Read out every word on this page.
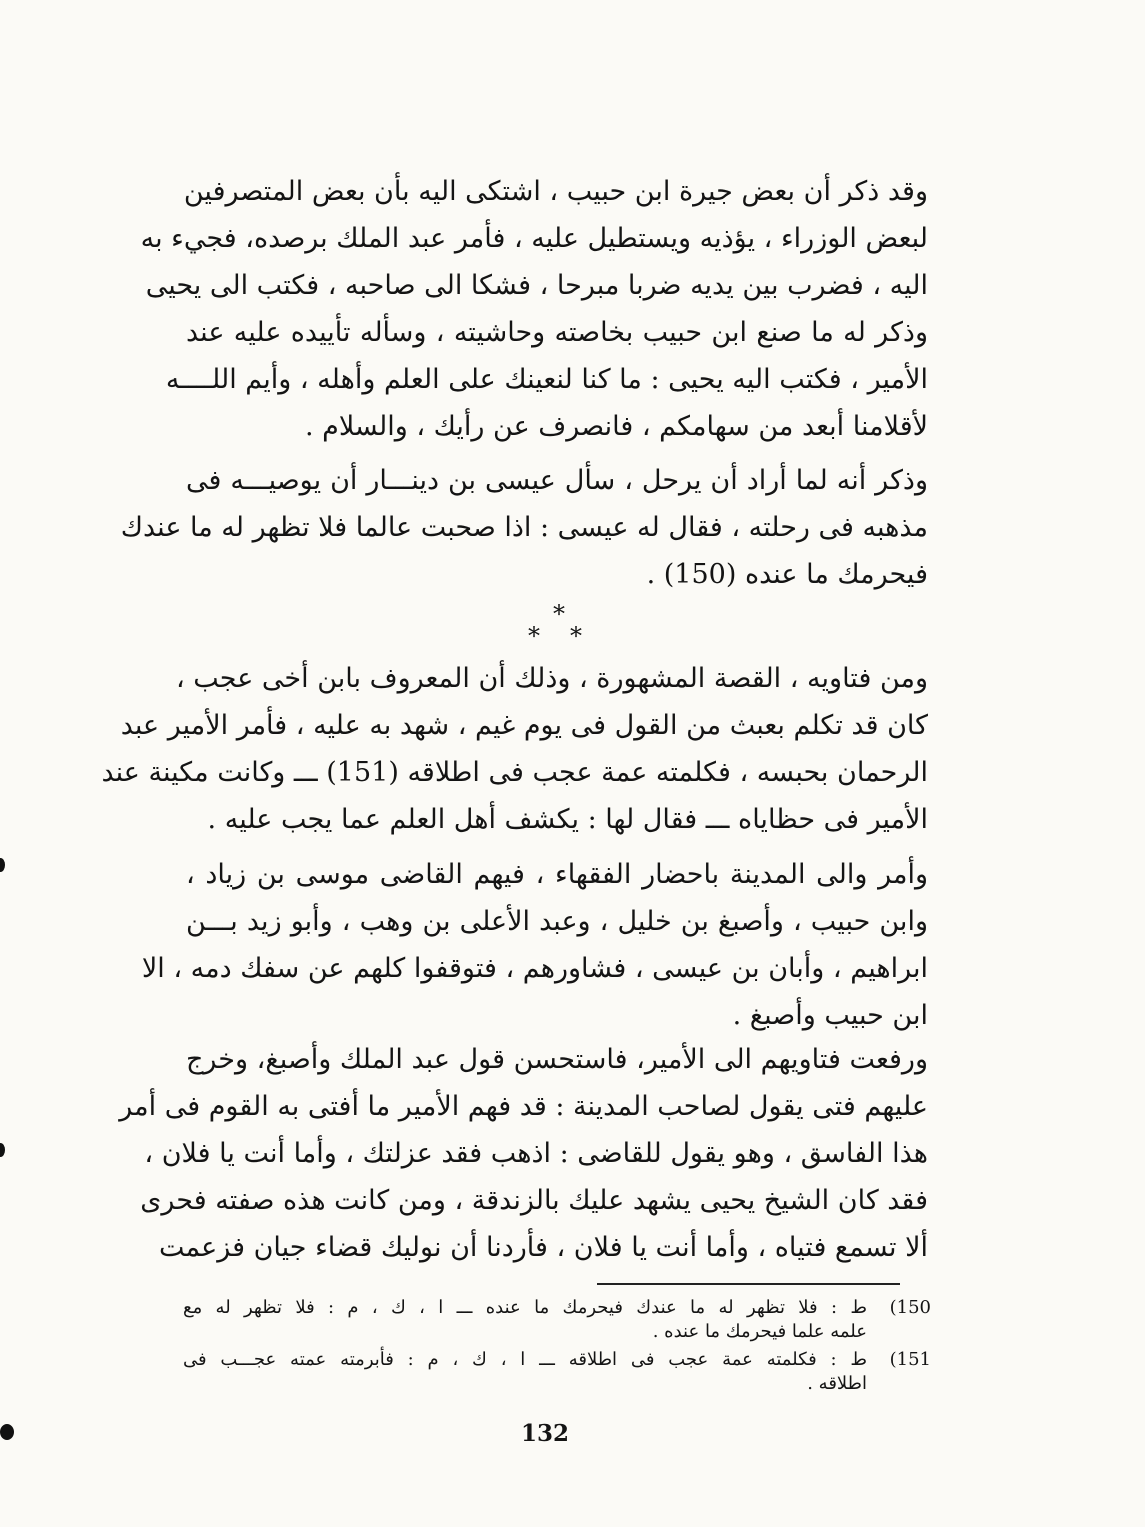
وقد ذكر أن بعض جيرة ابن حبيب ، اشتكى اليه بأن بعض المتصرفين
لبعض الوزراء ، يؤذيه ويستطيل عليه ، فأمر عبد الملك برصده، فجيء به
اليه ، فضرب بين يديه ضربا مبرحا ، فشكا الى صاحبه ، فكتب الى يحيى
وذكر له ما صنع ابن حبيب بخاصته وحاشيته ، وسأله تأييده عليه عند
الأمير ، فكتب اليه يحيى : ما كنا لنعينك على العلم وأهله ، وأيم اللــــه
لأقلامنا أبعد من سهامكم ، فانصرف عن رأيك ، والسلام .
وذكر أنه لما أراد أن يرحل ، سأل عيسى بن دينـــار أن يوصيـــه فى
مذهبه فى رحلته ، فقال له عيسى : اذا صحبت عالما فلا تظهر له ما عندك
فيحرمك ما عنده (150) .
*
* *
ومن فتاويه ، القصة المشهورة ، وذلك أن المعروف بابن أخى عجب ،
كان قد تكلم بعبث من القول فى يوم غيم ، شهد به عليه ، فأمر الأمير عبد
الرحمان بحبسه ، فكلمته عمة عجب فى اطلاقه (151) ـــ وكانت مكينة عند
الأمير فى حظاياه ـــ فقال لها : يكشف أهل العلم عما يجب عليه .
وأمر والى المدينة باحضار الفقهاء ، فيهم القاضى موسى بن زياد ،
وابن حبيب ، وأصبغ بن خليل ، وعبد الأعلى بن وهب ، وأبو زيد بـــن
ابراهيم ، وأبان بن عيسى ، فشاورهم ، فتوقفوا كلهم عن سفك دمه ، الا
ابن حبيب وأصبغ .
ورفعت فتاويهم الى الأمير، فاستحسن قول عبد الملك وأصبغ، وخرج
عليهم فتى يقول لصاحب المدينة : قد فهم الأمير ما أفتى به القوم فى أمر
هذا الفاسق ، وهو يقول للقاضى : اذهب فقد عزلتك ، وأما أنت يا فلان ،
فقد كان الشيخ يحيى يشهد عليك بالزندقة ، ومن كانت هذه صفته فحرى
ألا تسمع فتياه ، وأما أنت يا فلان ، فأردنا أن نوليك قضاء جيان فزعمت
150)
ط : فلا تظهر له ما عندك فيحرمك ما عنده ـــ ا ، ك ، م : فلا تظهر له مع
علمه علما فيحرمك ما عنده .
151)
ط : فكلمته عمة عجب فى اطلاقه ـــ ا ، ك ، م : فأبرمته عمته عجـــب فى
اطلاقه .
132
